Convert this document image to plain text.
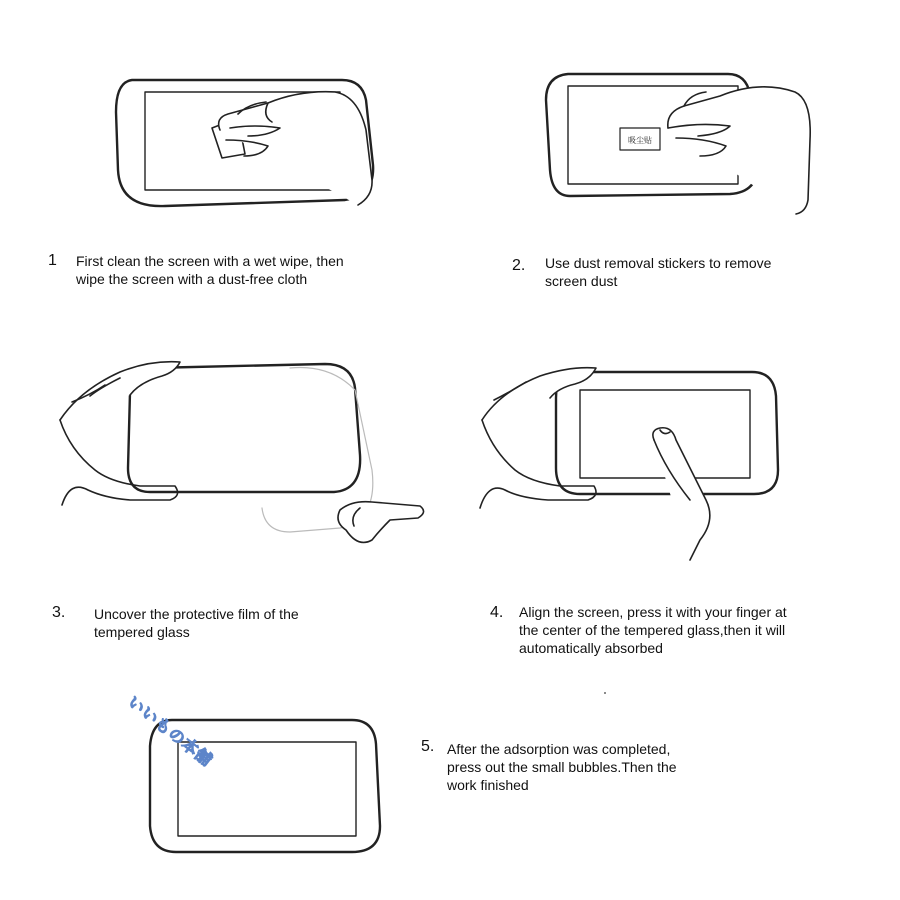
吸尘贴
1 First clean the screen with a wet wipe, then
wipe the screen with a dust-free cloth
2. Use dust removal stickers to remove
screen dust
3. Uncover the protective film of the
tempered glass
4. Align the screen, press it with your finger at
the center of the tempered glass,then it will
automatically absorbed
5. After the adsorption was completed,
press out the small bubbles.Then the
work finished
いいもの本舗
